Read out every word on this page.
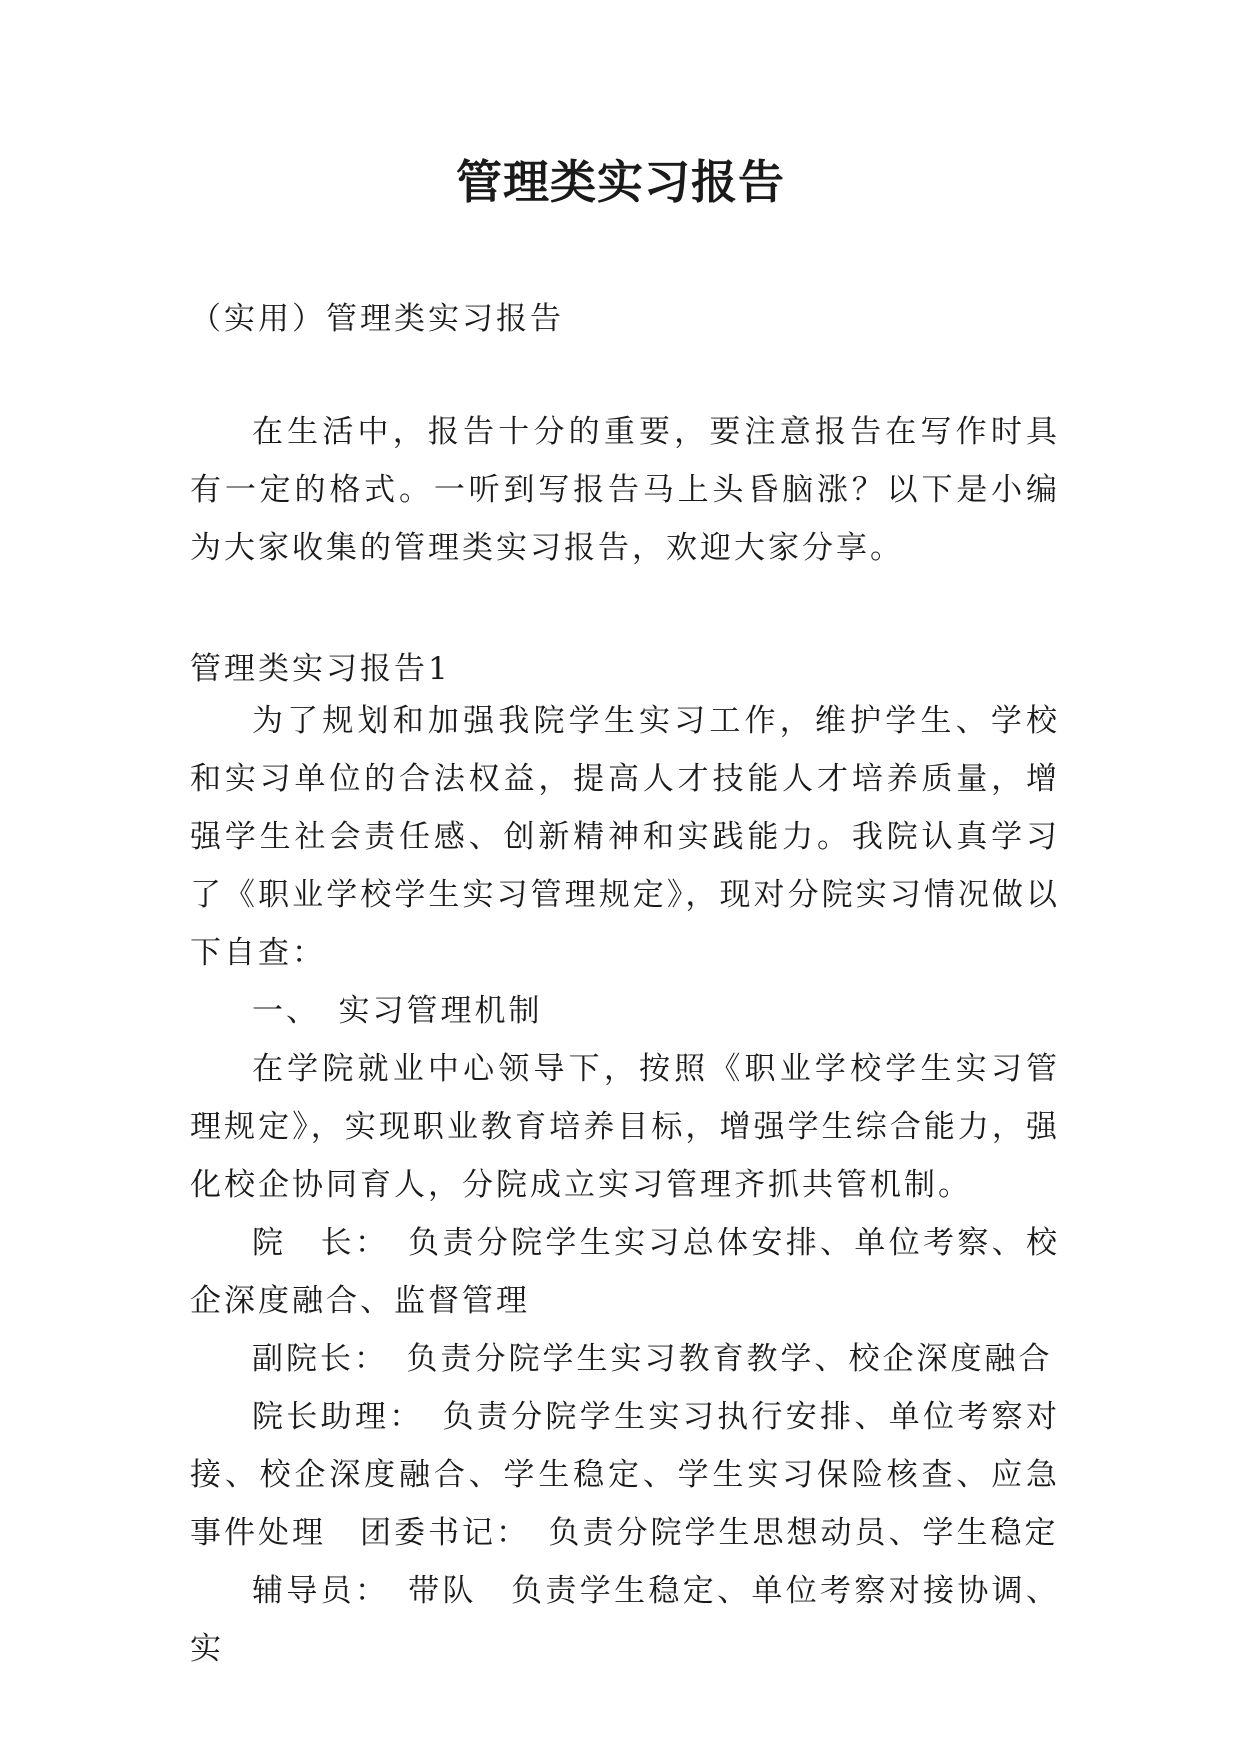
管理类实习报告

（实用）管理类实习报告

在生活中，报告十分的重要，要注意报告在写作时具有一定的格式。一听到写报告马上头昏脑涨？以下是小编为大家收集的管理类实习报告，欢迎大家分享。

管理类实习报告1

为了规划和加强我院学生实习工作，维护学生、学校和实习单位的合法权益，提高人才技能人才培养质量，增强学生社会责任感、创新精神和实践能力。我院认真学习了《职业学校学生实习管理规定》，现对分院实习情况做以下自查：

一、　实习管理机制

在学院就业中心领导下，按照《职业学校学生实习管理规定》，实现职业教育培养目标，增强学生综合能力，强化校企协同育人，分院成立实习管理齐抓共管机制。

院　长：　负责分院学生实习总体安排、单位考察、校企深度融合、监督管理

副院长：　负责分院学生实习教育教学、校企深度融合

院长助理：　负责分院学生实习执行安排、单位考察对接、校企深度融合、学生稳定、学生实习保险核查、应急事件处理　团委书记：　负责分院学生思想动员、学生稳定

辅导员：　带队　负责学生稳定、单位考察对接协调、实
